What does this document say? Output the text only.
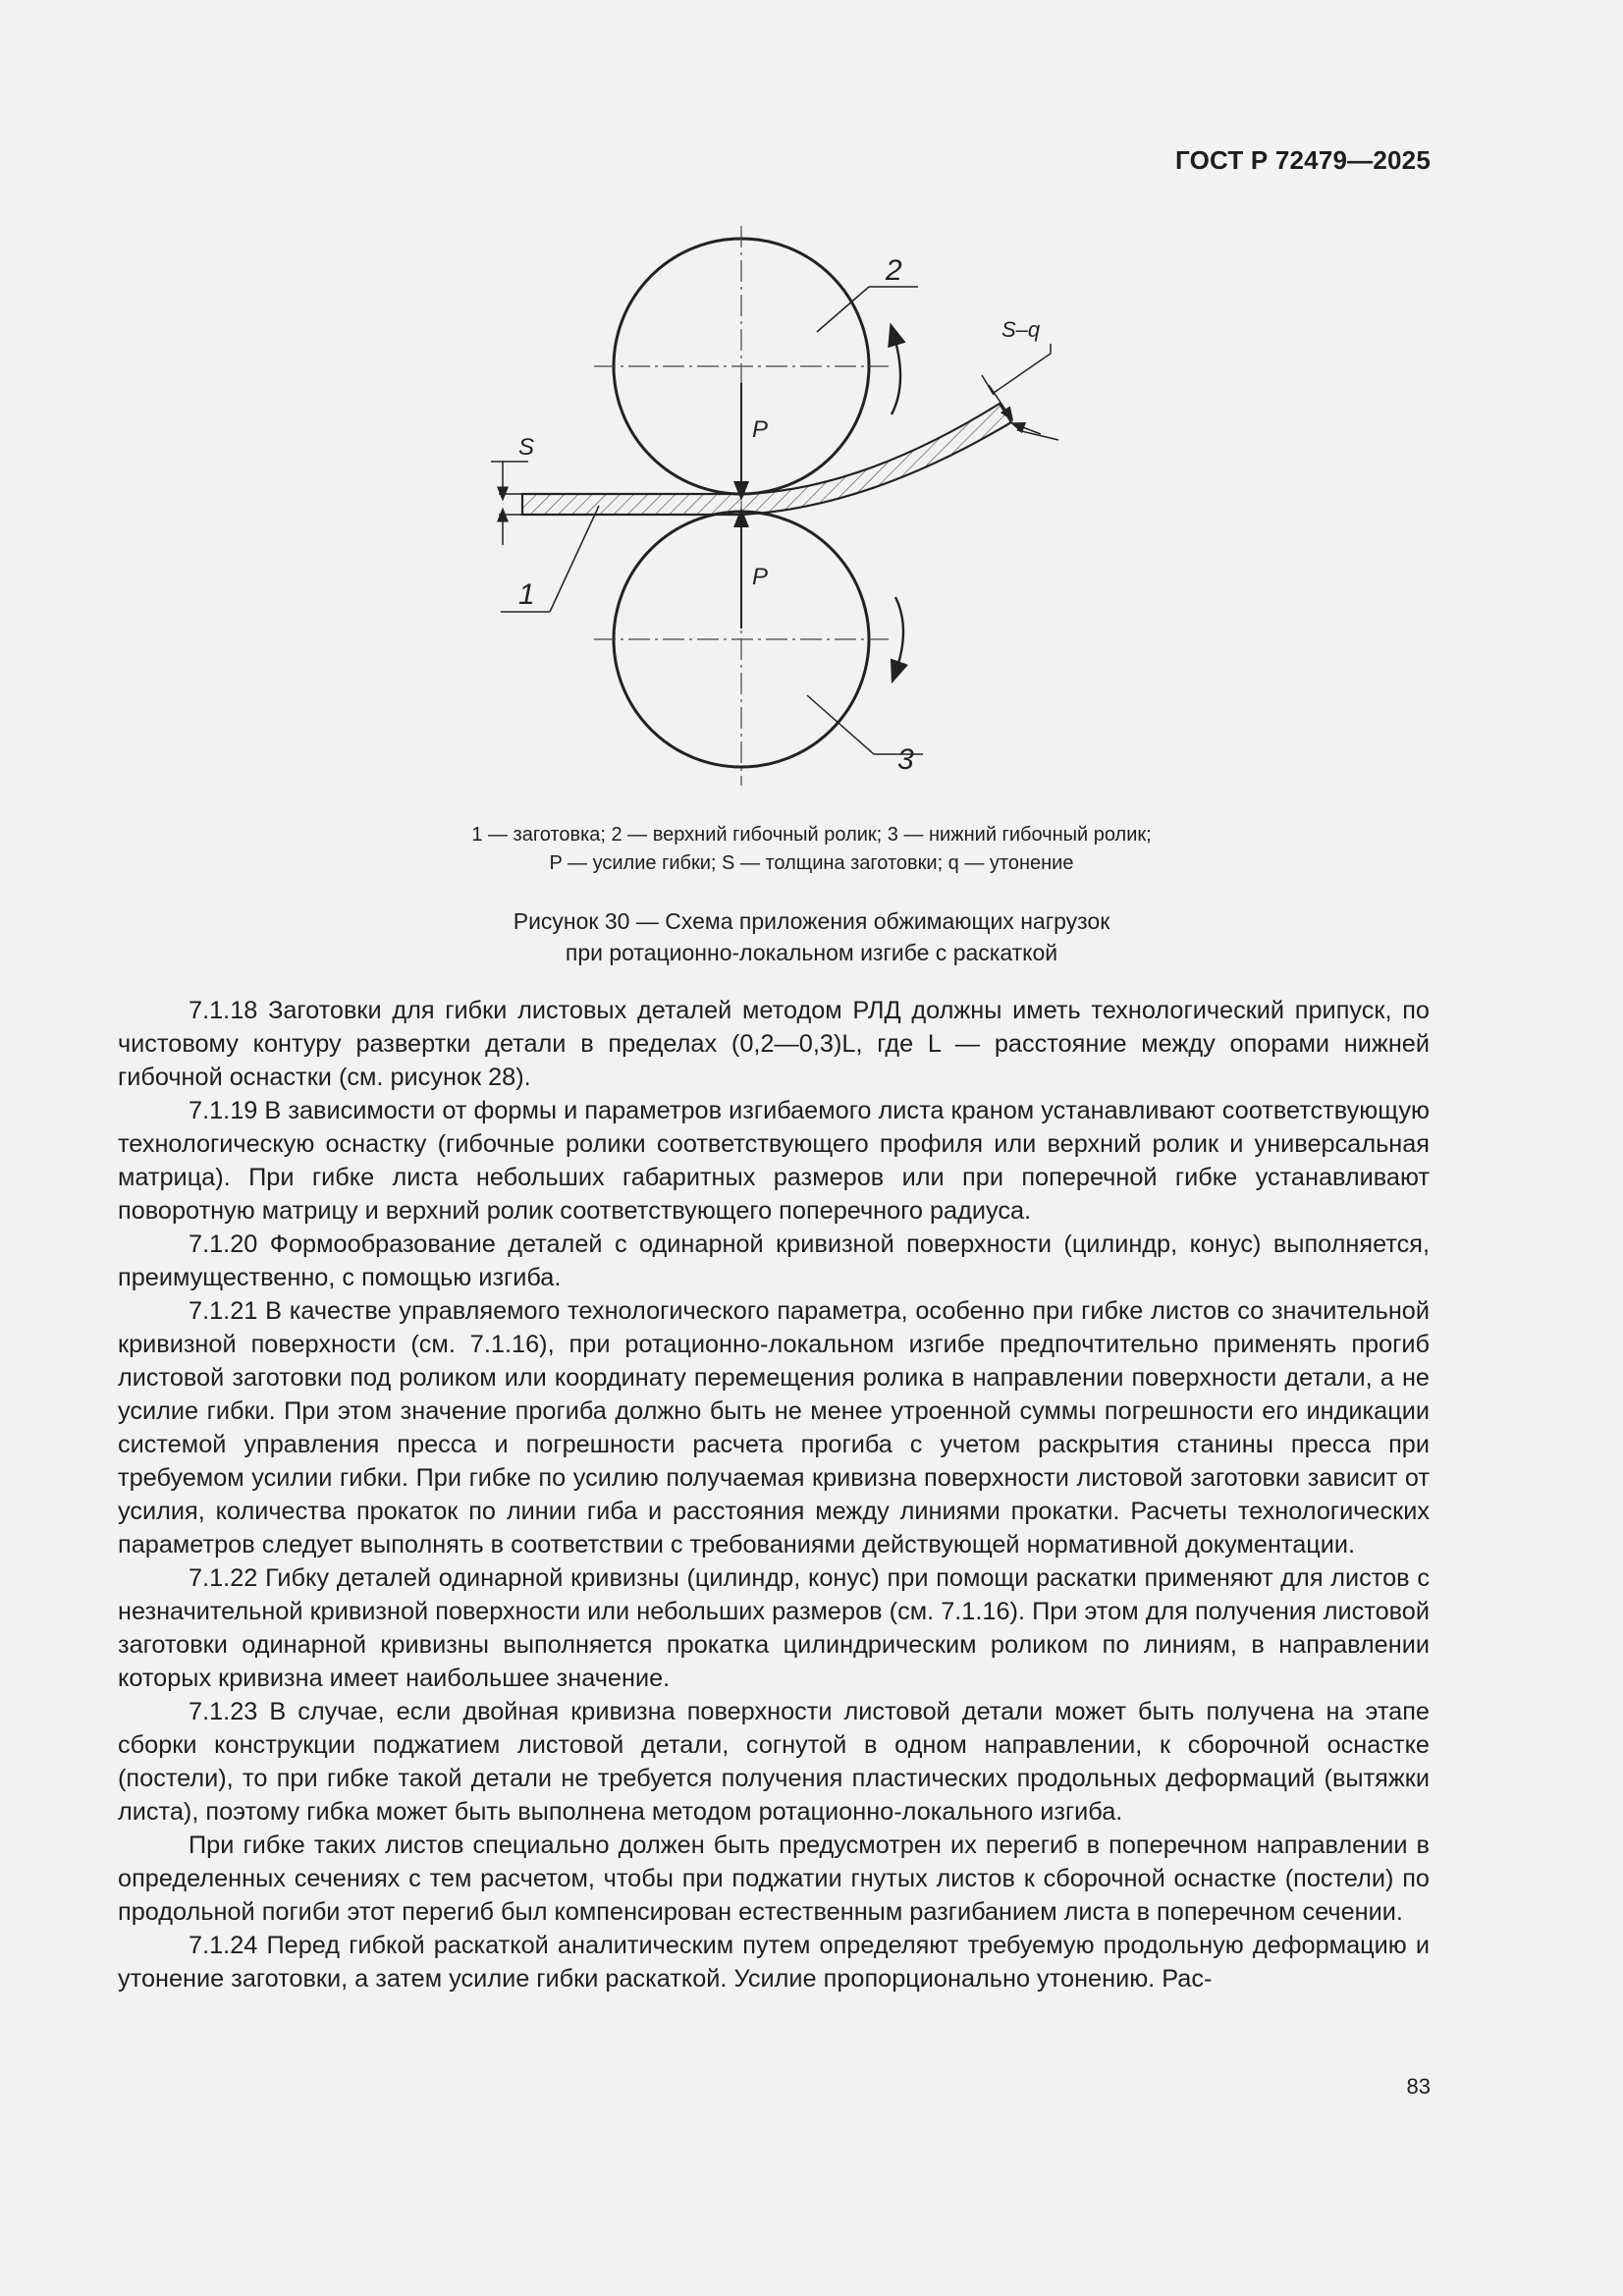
ГОСТ Р 72479—2025
P
P
S
S–q
1
2
3
1 — заготовка; 2 — верхний гибочный ролик; 3 — нижний гибочный ролик;
P — усилие гибки; S — толщина заготовки; q — утонение
Рисунок 30 — Схема приложения обжимающих нагрузок
при ротационно-локальном изгибе с раскаткой

7.1.18 Заготовки для гибки листовых деталей методом РЛД должны иметь технологический припуск, по чистовому контуру развертки детали в пределах (0,2—0,3)L, где L — расстояние между опорами нижней гибочной оснастки (см. рисунок 28).

7.1.19 В зависимости от формы и параметров изгибаемого листа краном устанавливают соответствующую технологическую оснастку (гибочные ролики соответствующего профиля или верхний ролик и универсальная матрица). При гибке листа небольших габаритных размеров или при поперечной гибке устанавливают поворотную матрицу и верхний ролик соответствующего поперечного радиуса.

7.1.20 Формообразование деталей с одинарной кривизной поверхности (цилиндр, конус) выполняется, преимущественно, с помощью изгиба.

7.1.21 В качестве управляемого технологического параметра, особенно при гибке листов со значительной кривизной поверхности (см. 7.1.16), при ротационно-локальном изгибе предпочтительно применять прогиб листовой заготовки под роликом или координату перемещения ролика в направлении поверхности детали, а не усилие гибки. При этом значение прогиба должно быть не менее утроенной суммы погрешности его индикации системой управления пресса и погрешности расчета прогиба с учетом раскрытия станины пресса при требуемом усилии гибки. При гибке по усилию получаемая кривизна поверхности листовой заготовки зависит от усилия, количества прокаток по линии гиба и расстояния между линиями прокатки. Расчеты технологических параметров следует выполнять в соответствии с требованиями действующей нормативной документации.

7.1.22 Гибку деталей одинарной кривизны (цилиндр, конус) при помощи раскатки применяют для листов с незначительной кривизной поверхности или небольших размеров (см. 7.1.16). При этом для получения листовой заготовки одинарной кривизны выполняется прокатка цилиндрическим роликом по линиям, в направлении которых кривизна имеет наибольшее значение.

7.1.23 В случае, если двойная кривизна поверхности листовой детали может быть получена на этапе сборки конструкции поджатием листовой детали, согнутой в одном направлении, к сборочной оснастке (постели), то при гибке такой детали не требуется получения пластических продольных деформаций (вытяжки листа), поэтому гибка может быть выполнена методом ротационно-локального изгиба.

При гибке таких листов специально должен быть предусмотрен их перегиб в поперечном направлении в определенных сечениях с тем расчетом, чтобы при поджатии гнутых листов к сборочной оснастке (постели) по продольной погиби этот перегиб был компенсирован естественным разгибанием листа в поперечном сечении.

7.1.24 Перед гибкой раскаткой аналитическим путем определяют требуемую продольную деформацию и утонение заготовки, а затем усилие гибки раскаткой. Усилие пропорционально утонению. Рас-

83
